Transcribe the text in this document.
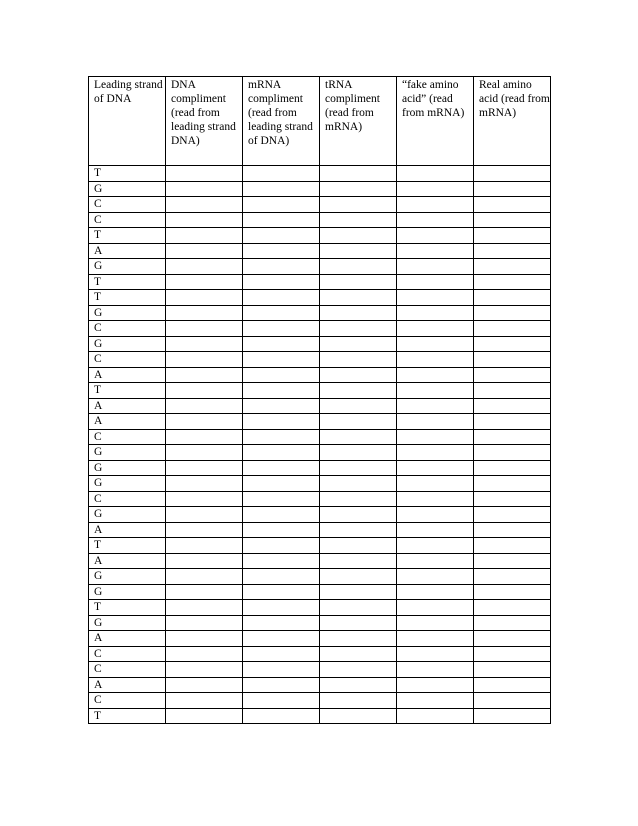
Leading strand of DNA	DNA compliment (read from leading strand DNA)	mRNA compliment (read from leading strand of DNA)	tRNA compliment (read from mRNA)	“fake amino acid” (read from mRNA)	Real amino acid (read from mRNA)
T					
G					
C					
C					
T					
A					
G					
T					
T					
G					
C					
G					
C					
A					
T					
A					
A					
C					
G					
G					
G					
C					
G					
A					
T					
A					
G					
G					
T					
G					
A					
C					
C					
A					
C					
T					
